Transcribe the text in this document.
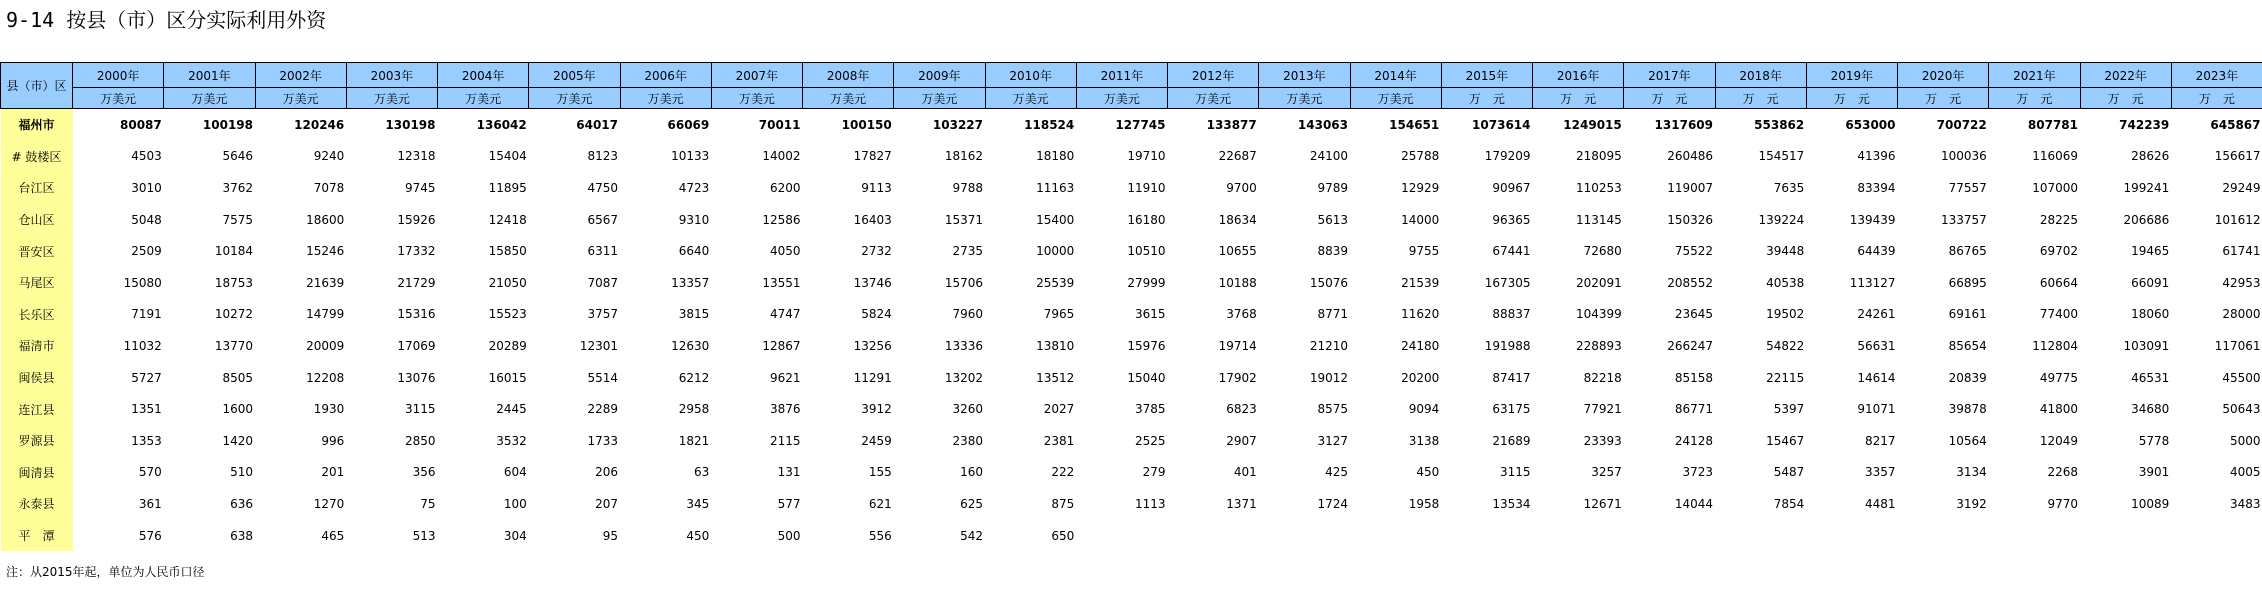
9-14 按县（市）区分实际利用外资
县（市）区	2000年	2001年	2002年	2003年	2004年	2005年	2006年	2007年	2008年	2009年	2010年	2011年	2012年	2013年	2014年	2015年	2016年	2017年	2018年	2019年	2020年	2021年	2022年	2023年
	万美元	万美元	万美元	万美元	万美元	万美元	万美元	万美元	万美元	万美元	万美元	万美元	万美元	万美元	万美元	万　元	万　元	万　元	万　元	万　元	万　元	万　元	万　元	万　元
福州市	80087	100198	120246	130198	136042	64017	66069	70011	100150	103227	118524	127745	133877	143063	154651	1073614	1249015	1317609	553862	653000	700722	807781	742239	645867
# 鼓楼区	4503	5646	9240	12318	15404	8123	10133	14002	17827	18162	18180	19710	22687	24100	25788	179209	218095	260486	154517	41396	100036	116069	28626	156617
台江区	3010	3762	7078	9745	11895	4750	4723	6200	9113	9788	11163	11910	9700	9789	12929	90967	110253	119007	7635	83394	77557	107000	199241	29249
仓山区	5048	7575	18600	15926	12418	6567	9310	12586	16403	15371	15400	16180	18634	5613	14000	96365	113145	150326	139224	139439	133757	28225	206686	101612
晋安区	2509	10184	15246	17332	15850	6311	6640	4050	2732	2735	10000	10510	10655	8839	9755	67441	72680	75522	39448	64439	86765	69702	19465	61741
马尾区	15080	18753	21639	21729	21050	7087	13357	13551	13746	15706	25539	27999	10188	15076	21539	167305	202091	208552	40538	113127	66895	60664	66091	42953
长乐区	7191	10272	14799	15316	15523	3757	3815	4747	5824	7960	7965	3615	3768	8771	11620	88837	104399	23645	19502	24261	69161	77400	18060	28000
福清市	11032	13770	20009	17069	20289	12301	12630	12867	13256	13336	13810	15976	19714	21210	24180	191988	228893	266247	54822	56631	85654	112804	103091	117061
闽侯县	5727	8505	12208	13076	16015	5514	6212	9621	11291	13202	13512	15040	17902	19012	20200	87417	82218	85158	22115	14614	20839	49775	46531	45500
连江县	1351	1600	1930	3115	2445	2289	2958	3876	3912	3260	2027	3785	6823	8575	9094	63175	77921	86771	5397	91071	39878	41800	34680	50643
罗源县	1353	1420	996	2850	3532	1733	1821	2115	2459	2380	2381	2525	2907	3127	3138	21689	23393	24128	15467	8217	10564	12049	5778	5000
闽清县	570	510	201	356	604	206	63	131	155	160	222	279	401	425	450	3115	3257	3723	5487	3357	3134	2268	3901	4005
永泰县	361	636	1270	75	100	207	345	577	621	625	875	1113	1371	1724	1958	13534	12671	14044	7854	4481	3192	9770	10089	3483
平　潭	576	638	465	513	304	95	450	500	556	542	650													
注：从2015年起，单位为人民币口径
